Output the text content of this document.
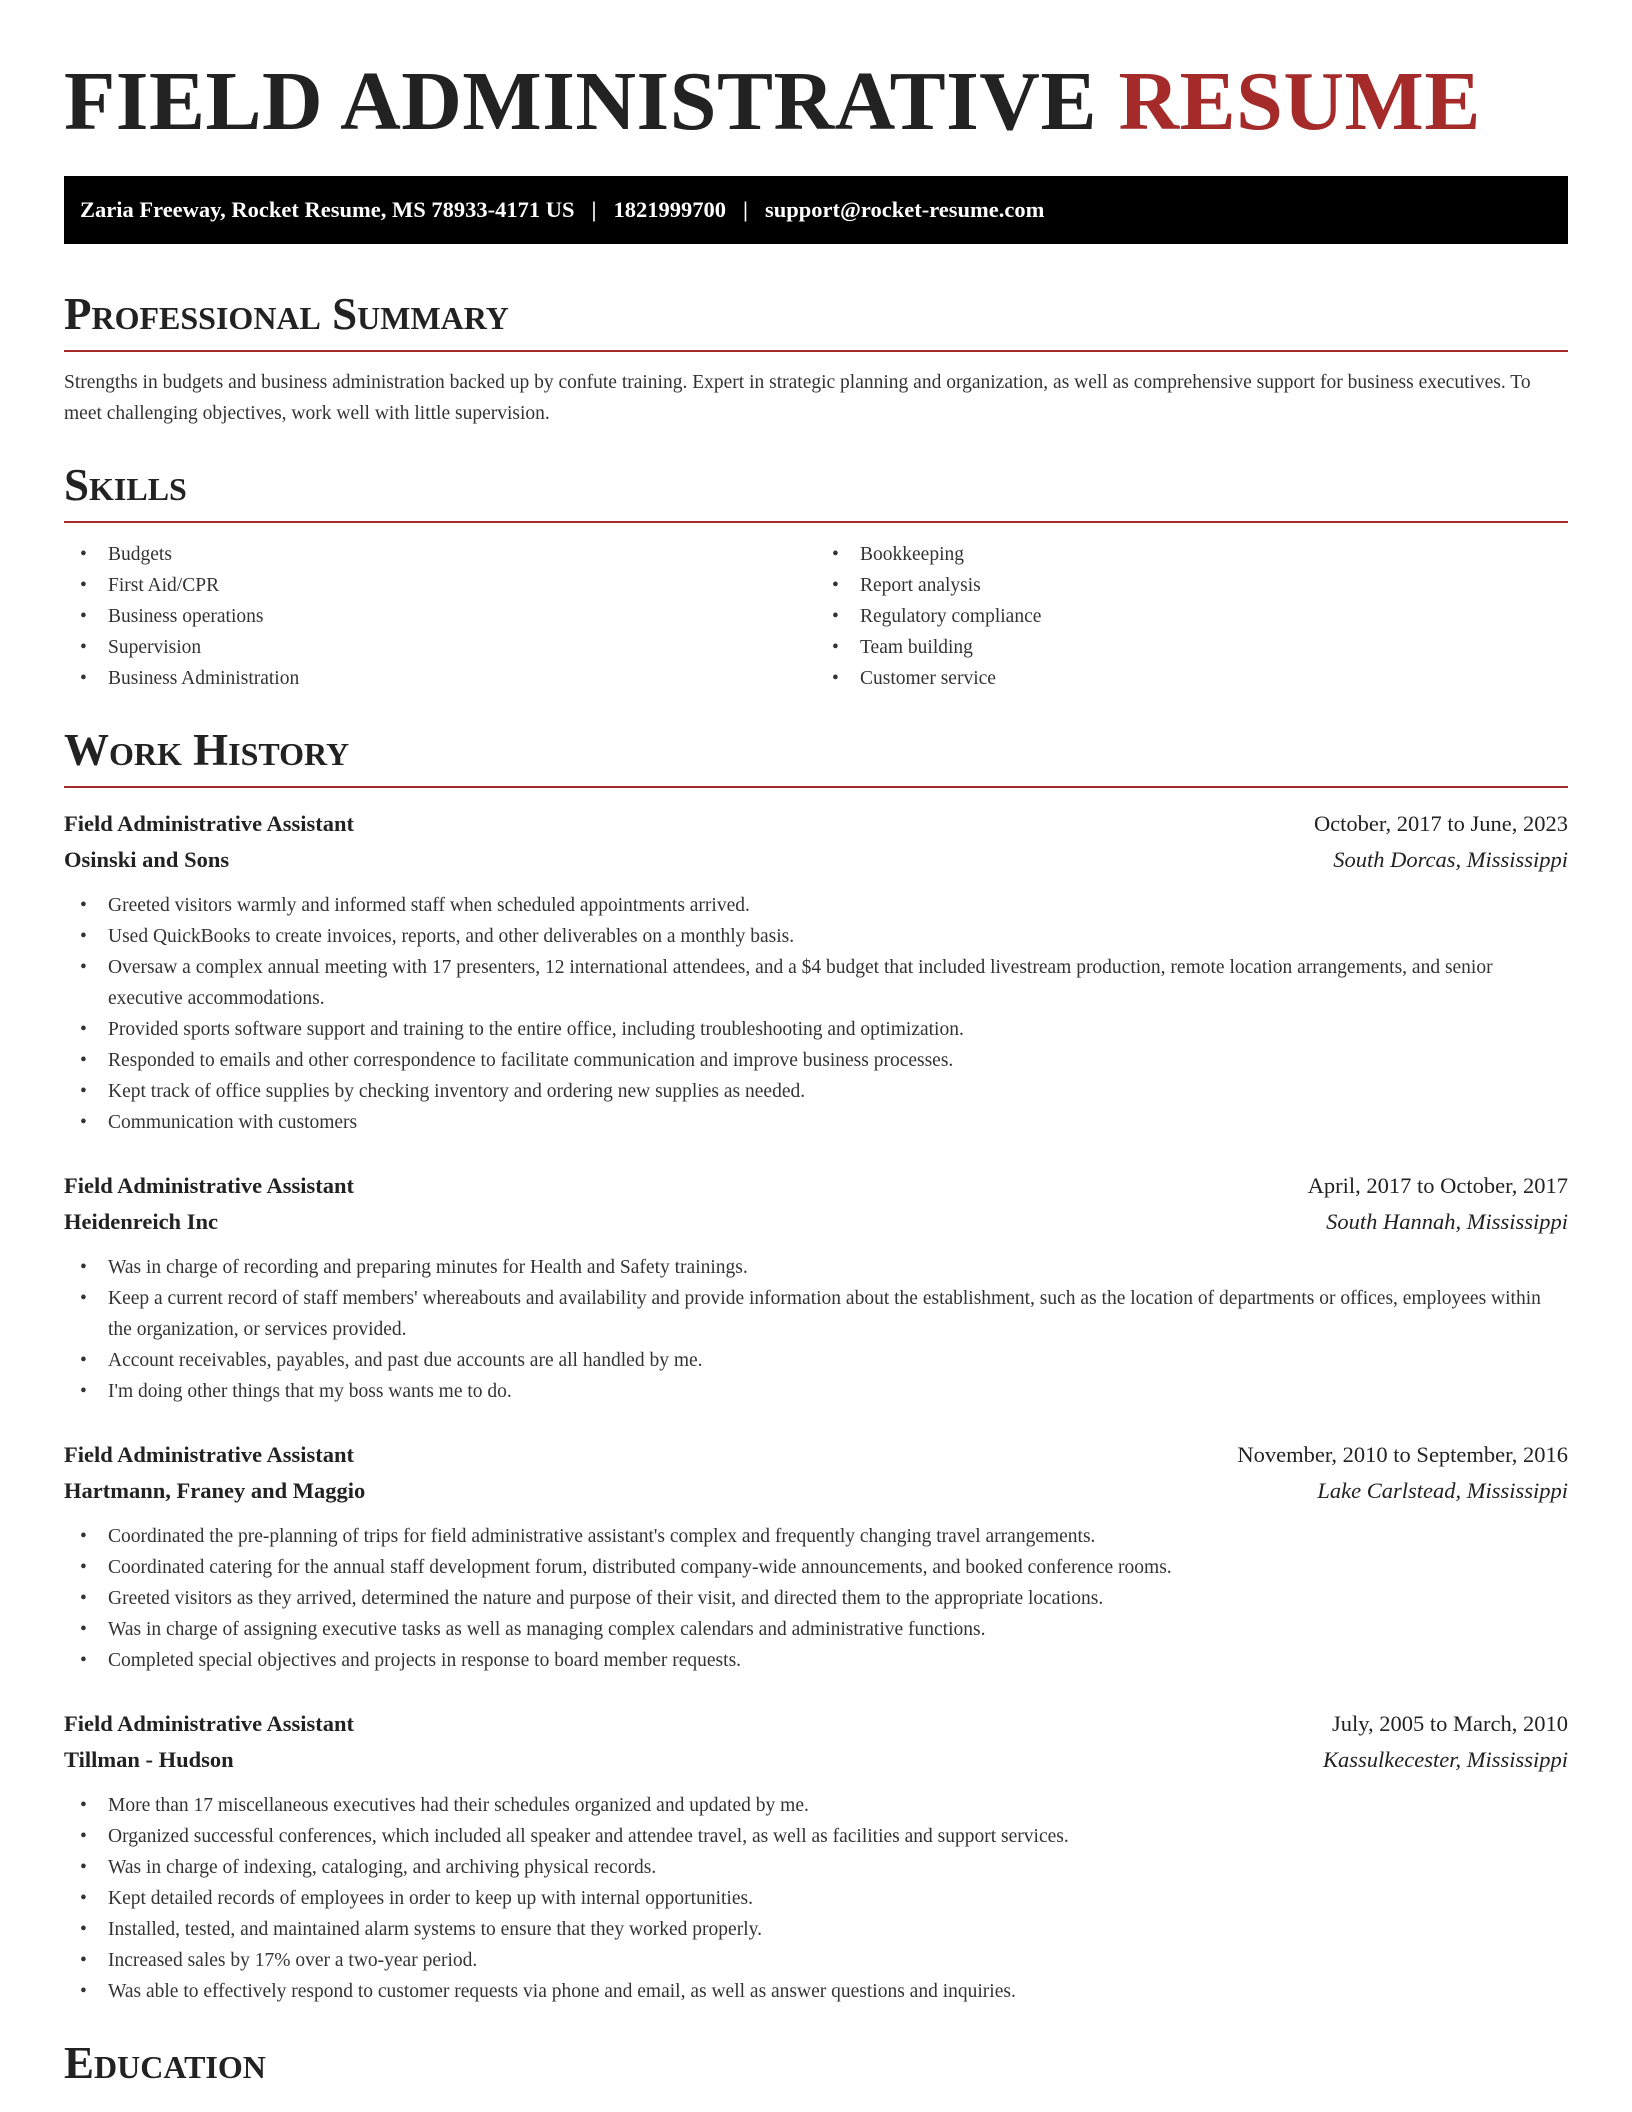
FIELD ADMINISTRATIVE RESUME
Zaria Freeway, Rocket Resume, MS 78933-4171 US | 1821999700 | support@rocket-resume.com
Professional Summary

Strengths in budgets and business administration backed up by confute training. Expert in strategic planning and organization, as well as comprehensive support for business executives. To meet challenging objectives, work well with little supervision.

Skills
• Budgets
• First Aid/CPR
• Business operations
• Supervision
• Business Administration
• Bookkeeping
• Report analysis
• Regulatory compliance
• Team building
• Customer service
Work History
Field Administrative Assistant	October, 2017 to June, 2023
Osinski and Sons	South Dorcas, Mississippi
• Greeted visitors warmly and informed staff when scheduled appointments arrived.
• Used QuickBooks to create invoices, reports, and other deliverables on a monthly basis.
• Oversaw a complex annual meeting with 17 presenters, 12 international attendees, and a $4 budget that included livestream production, remote location arrangements, and senior executive accommodations.
• Provided sports software support and training to the entire office, including troubleshooting and optimization.
• Responded to emails and other correspondence to facilitate communication and improve business processes.
• Kept track of office supplies by checking inventory and ordering new supplies as needed.
• Communication with customers
Field Administrative Assistant	April, 2017 to October, 2017
Heidenreich Inc	South Hannah, Mississippi
• Was in charge of recording and preparing minutes for Health and Safety trainings.
• Keep a current record of staff members' whereabouts and availability and provide information about the establishment, such as the location of departments or offices, employees within the organization, or services provided.
• Account receivables, payables, and past due accounts are all handled by me.
• I'm doing other things that my boss wants me to do.
Field Administrative Assistant	November, 2010 to September, 2016
Hartmann, Franey and Maggio	Lake Carlstead, Mississippi
• Coordinated the pre-planning of trips for field administrative assistant's complex and frequently changing travel arrangements.
• Coordinated catering for the annual staff development forum, distributed company-wide announcements, and booked conference rooms.
• Greeted visitors as they arrived, determined the nature and purpose of their visit, and directed them to the appropriate locations.
• Was in charge of assigning executive tasks as well as managing complex calendars and administrative functions.
• Completed special objectives and projects in response to board member requests.
Field Administrative Assistant	July, 2005 to March, 2010
Tillman - Hudson	Kassulkecester, Mississippi
• More than 17 miscellaneous executives had their schedules organized and updated by me.
• Organized successful conferences, which included all speaker and attendee travel, as well as facilities and support services.
• Was in charge of indexing, cataloging, and archiving physical records.
• Kept detailed records of employees in order to keep up with internal opportunities.
• Installed, tested, and maintained alarm systems to ensure that they worked properly.
• Increased sales by 17% over a two-year period.
• Was able to effectively respond to customer requests via phone and email, as well as answer questions and inquiries.
Education
